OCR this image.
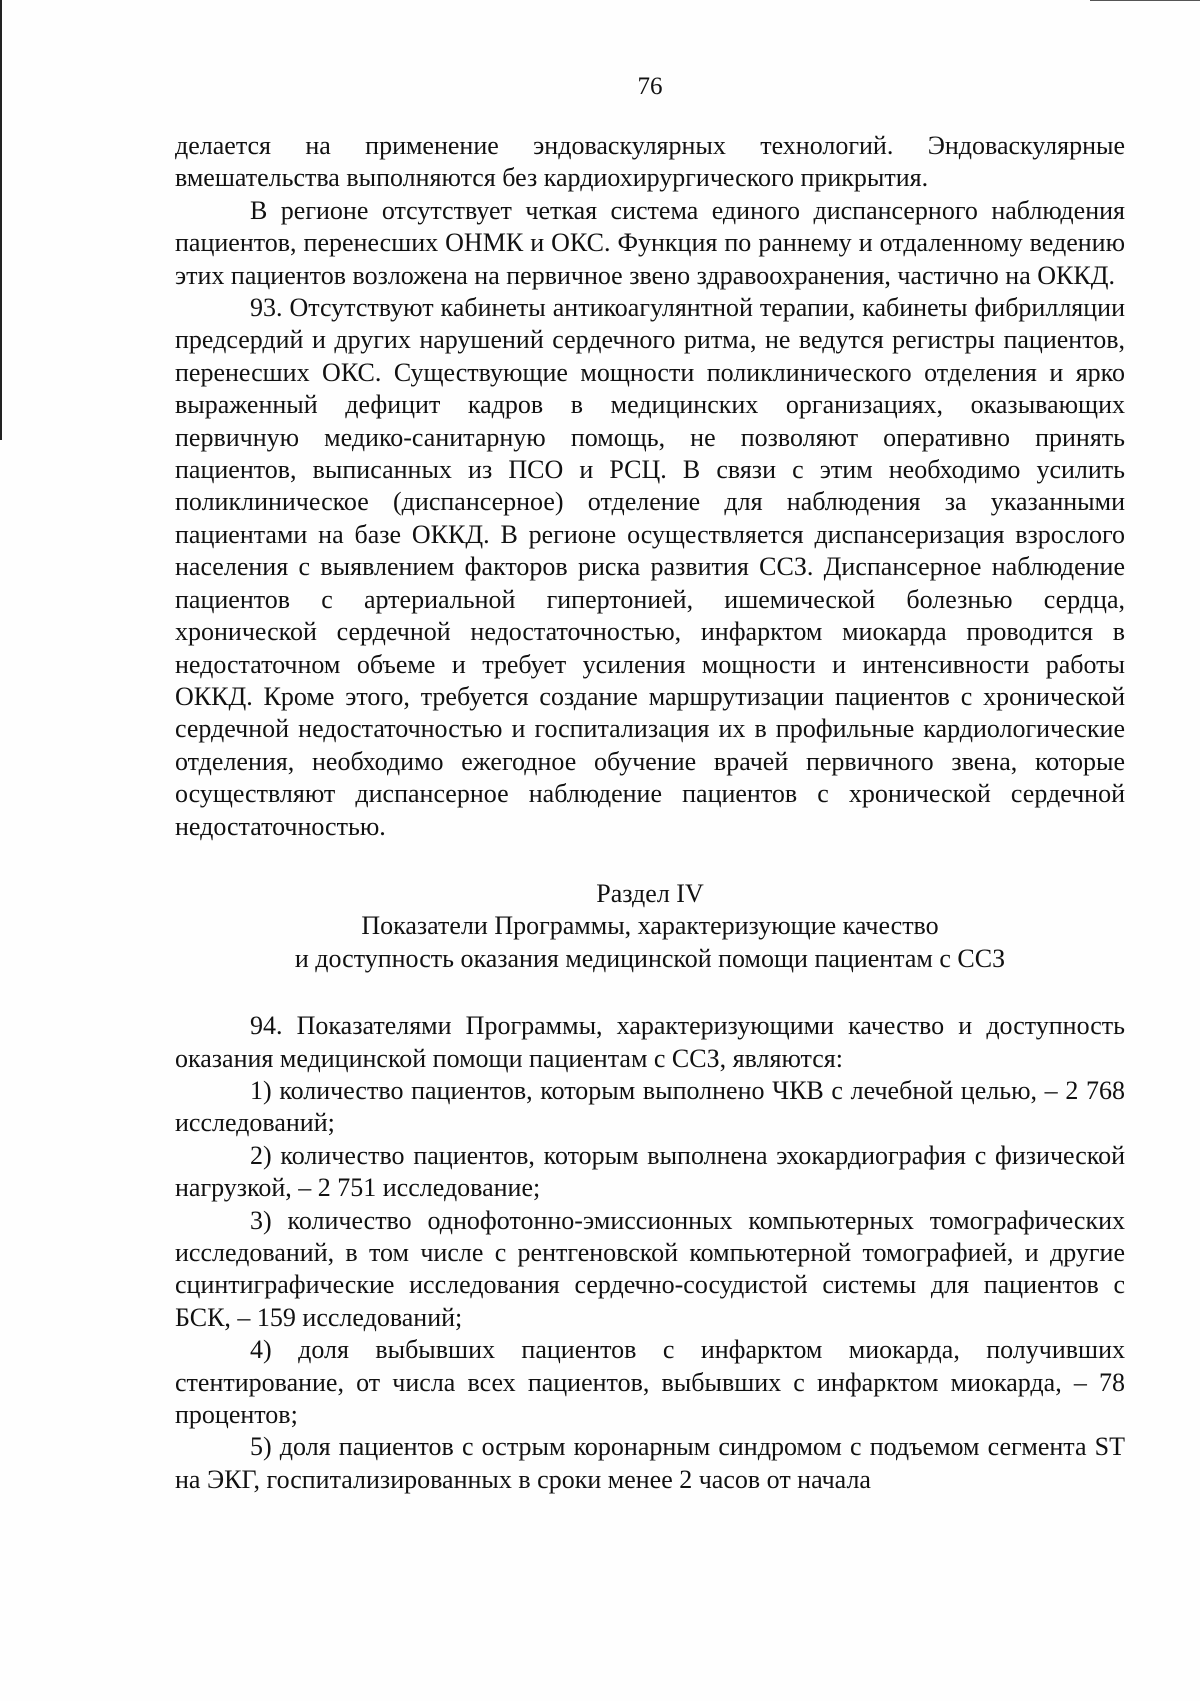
76

делается на применение эндоваскулярных технологий. Эндоваскулярные вмешательства выполняются без кардиохирургического прикрытия.

В регионе отсутствует четкая система единого диспансерного наблюдения пациентов, перенесших ОНМК и ОКС. Функция по раннему и отдаленному ведению этих пациентов возложена на первичное звено здравоохранения, частично на ОККД.

93. Отсутствуют кабинеты антикоагулянтной терапии, кабинеты фибрилляции предсердий и других нарушений сердечного ритма, не ведутся регистры пациентов, перенесших ОКС. Существующие мощности поликлинического отделения и ярко выраженный дефицит кадров в медицинских организациях, оказывающих первичную медико-санитарную помощь, не позволяют оперативно принять пациентов, выписанных из ПСО и РСЦ. В связи с этим необходимо усилить поликлиническое (диспансерное) отделение для наблюдения за указанными пациентами на базе ОККД. В регионе осуществляется диспансеризация взрослого населения с выявлением факторов риска развития ССЗ. Диспансерное наблюдение пациентов с артериальной гипертонией, ишемической болезнью сердца, хронической сердечной недостаточностью, инфарктом миокарда проводится в недостаточном объеме и требует усиления мощности и интенсивности работы ОККД. Кроме этого, требуется создание маршрутизации пациентов с хронической сердечной недостаточностью и госпитализация их в профильные кардиологические отделения, необходимо ежегодное обучение врачей первичного звена, которые осуществляют диспансерное наблюдение пациентов с хронической сердечной недостаточностью.

Раздел IV

Показатели Программы, характеризующие качество

и доступность оказания медицинской помощи пациентам с ССЗ

94. Показателями Программы, характеризующими качество и доступность оказания медицинской помощи пациентам с ССЗ, являются:

1) количество пациентов, которым выполнено ЧКВ с лечебной целью, – 2 768 исследований;

2) количество пациентов, которым выполнена эхокардиография с физической нагрузкой, – 2 751 исследование;

3) количество однофотонно-эмиссионных компьютерных томографических исследований, в том числе с рентгеновской компьютерной томографией, и другие сцинтиграфические исследования сердечно-сосудистой системы для пациентов с БСК, – 159 исследований;

4) доля выбывших пациентов с инфарктом миокарда, получивших стентирование, от числа всех пациентов, выбывших с инфарктом миокарда, – 78 процентов;

5) доля пациентов с острым коронарным синдромом с подъемом сегмента ST на ЭКГ, госпитализированных в сроки менее 2 часов от начала
